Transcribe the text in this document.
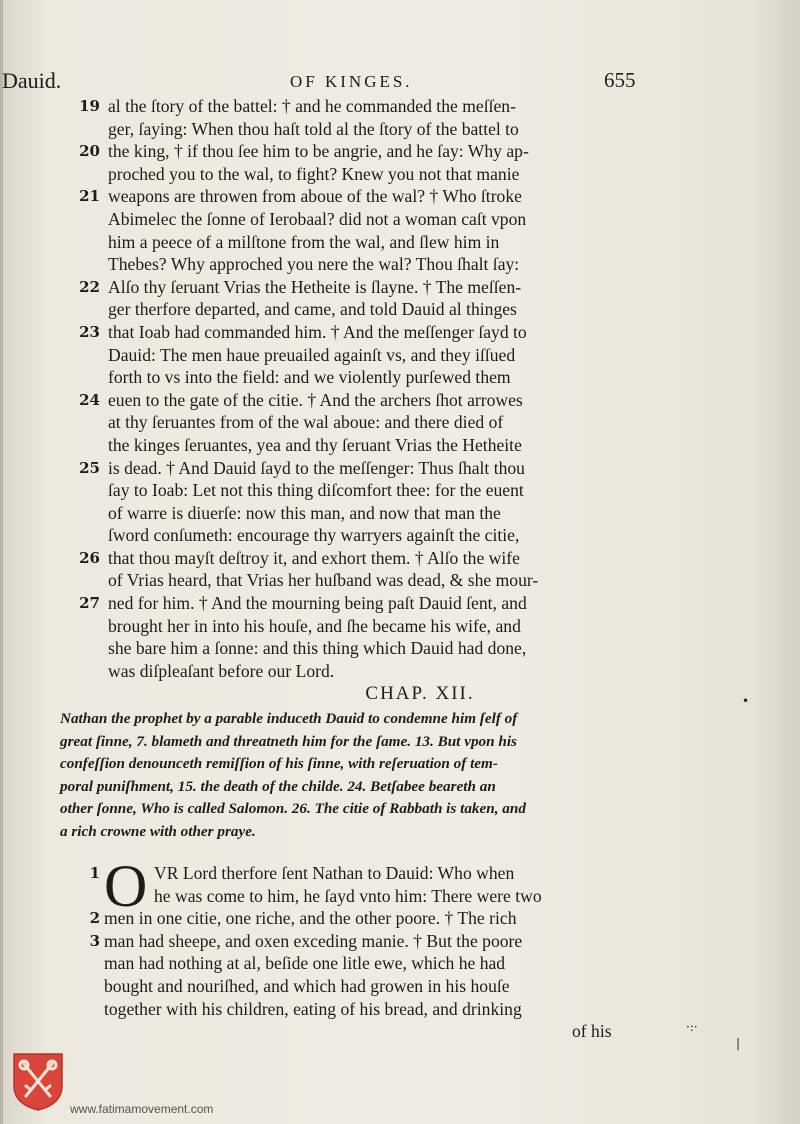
Dauid.	OF KINGES.	655
19 al the ſtory of the battel: † and he commanded the meſſen-
ger, ſaying: When thou haſt told al the ſtory of the battel to
20 the king, † if thou ſee him to be angrie, and he ſay: Why ap-
proched you to the wal, to fight? Knew you not that manie
21 weapons are throwen from aboue of the wal? † Who ſtroke
Abimelec the ſonne of Ierobaal? did not a woman caſt vpon
him a peece of a milſtone from the wal, and ſlew him in
Thebes? Why approched you nere the wal? Thou ſhalt ſay:
22 Alſo thy ſeruant Vrias the Hetheite is ſlayne. † The meſſen-
ger therfore departed, and came, and told Dauid al thinges
23 that Ioab had commanded him. † And the meſſenger ſayd to
Dauid: The men haue preuailed againſt vs, and they iſſued
forth to vs into the field: and we violently purſewed them
24 euen to the gate of the citie. † And the archers ſhot arrowes
at thy ſeruantes from of the wal aboue: and there died of
the kinges ſeruantes, yea and thy ſeruant Vrias the Hetheite
25 is dead. † And Dauid ſayd to the meſſenger: Thus ſhalt thou
ſay to Ioab: Let not this thing diſcomfort thee: for the euent
of warre is diuerſe: now this man, and now that man the
ſword conſumeth: encourage thy warryers againſt the citie,
26 that thou mayſt deſtroy it, and exhort them. † Alſo the wife
of Vrias heard, that Vrias her huſband was dead, & she mour-
27 ned for him. † And the mourning being paſt Dauid ſent, and
brought her in into his houſe, and ſhe became his wife, and
she bare him a ſonne: and this thing which Dauid had done,
was diſpleaſant before our Lord.
CHAP. XII.
Nathan the prophet by a parable induceth Dauid to condemne him ſelf of
great ſinne, 7. blameth and threatneth him for the ſame. 13. But vpon his
confeſſion denounceth remiſſion of his ſinne, with reſeruation of tem-
poral puniſhment, 15. the death of the childe. 24. Betſabee beareth an
other ſonne, Who is called Salomon. 26. The citie of Rabbath is taken, and
a rich crowne with other praye.
O
1	VR Lord therfore ſent Nathan to Dauid: Who when
he was come to him, he ſayd vnto him: There were two
2 men in one citie, one riche, and the other poore. † The rich
3 man had sheepe, and oxen exceding manie. † But the poore
man had nothing at al, beſide one litle ewe, which he had
bought and nouriſhed, and which had growen in his houſe
together with his children, eating of his bread, and drinking
of his
•
·:·
|
www.fatimamovement.com
